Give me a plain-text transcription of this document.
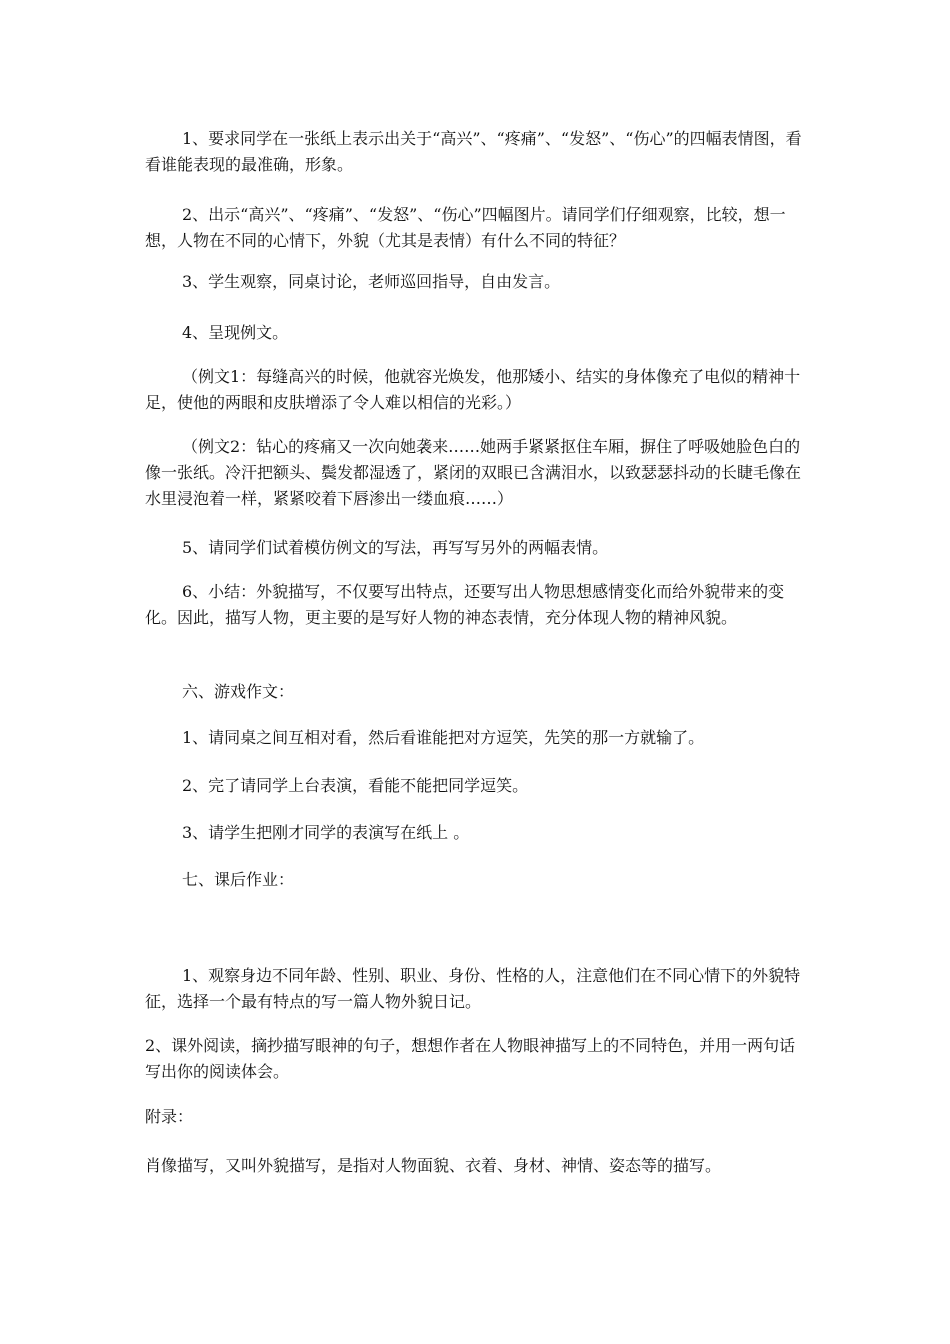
1、要求同学在一张纸上表示出关于“高兴”、“疼痛”、“发怒”、“伤心”的四幅表情图，看看谁能表现的最准确，形象。

2、出示“高兴”、“疼痛”、“发怒”、“伤心”四幅图片。请同学们仔细观察，比较，想一想，人物在不同的心情下，外貌（尤其是表情）有什么不同的特征？

3、学生观察，同桌讨论，老师巡回指导，自由发言。

4、呈现例文。

（例文1：每缝高兴的时候，他就容光焕发，他那矮小、结实的身体像充了电似的精神十足，使他的两眼和皮肤增添了令人难以相信的光彩。）

（例文2：钻心的疼痛又一次向她袭来……她两手紧紧抠住车厢，摒住了呼吸她脸色白的像一张纸。冷汗把额头、鬓发都湿透了，紧闭的双眼已含满泪水，以致瑟瑟抖动的长睫毛像在水里浸泡着一样，紧紧咬着下唇渗出一缕血痕……）

5、请同学们试着模仿例文的写法，再写写另外的两幅表情。

6、小结：外貌描写，不仅要写出特点，还要写出人物思想感情变化而给外貌带来的变化。因此，描写人物，更主要的是写好人物的神态表情，充分体现人物的精神风貌。

六、游戏作文：

1、请同桌之间互相对看，然后看谁能把对方逗笑，先笑的那一方就输了。

2、完了请同学上台表演，看能不能把同学逗笑。

3、请学生把刚才同学的表演写在纸上 。

七、课后作业：

1、观察身边不同年龄、性别、职业、身份、性格的人，注意他们在不同心情下的外貌特征，选择一个最有特点的写一篇人物外貌日记。

2、课外阅读，摘抄描写眼神的句子，想想作者在人物眼神描写上的不同特色，并用一两句话写出你的阅读体会。

附录：

肖像描写，又叫外貌描写，是指对人物面貌、衣着、身材、神情、姿态等的描写。
